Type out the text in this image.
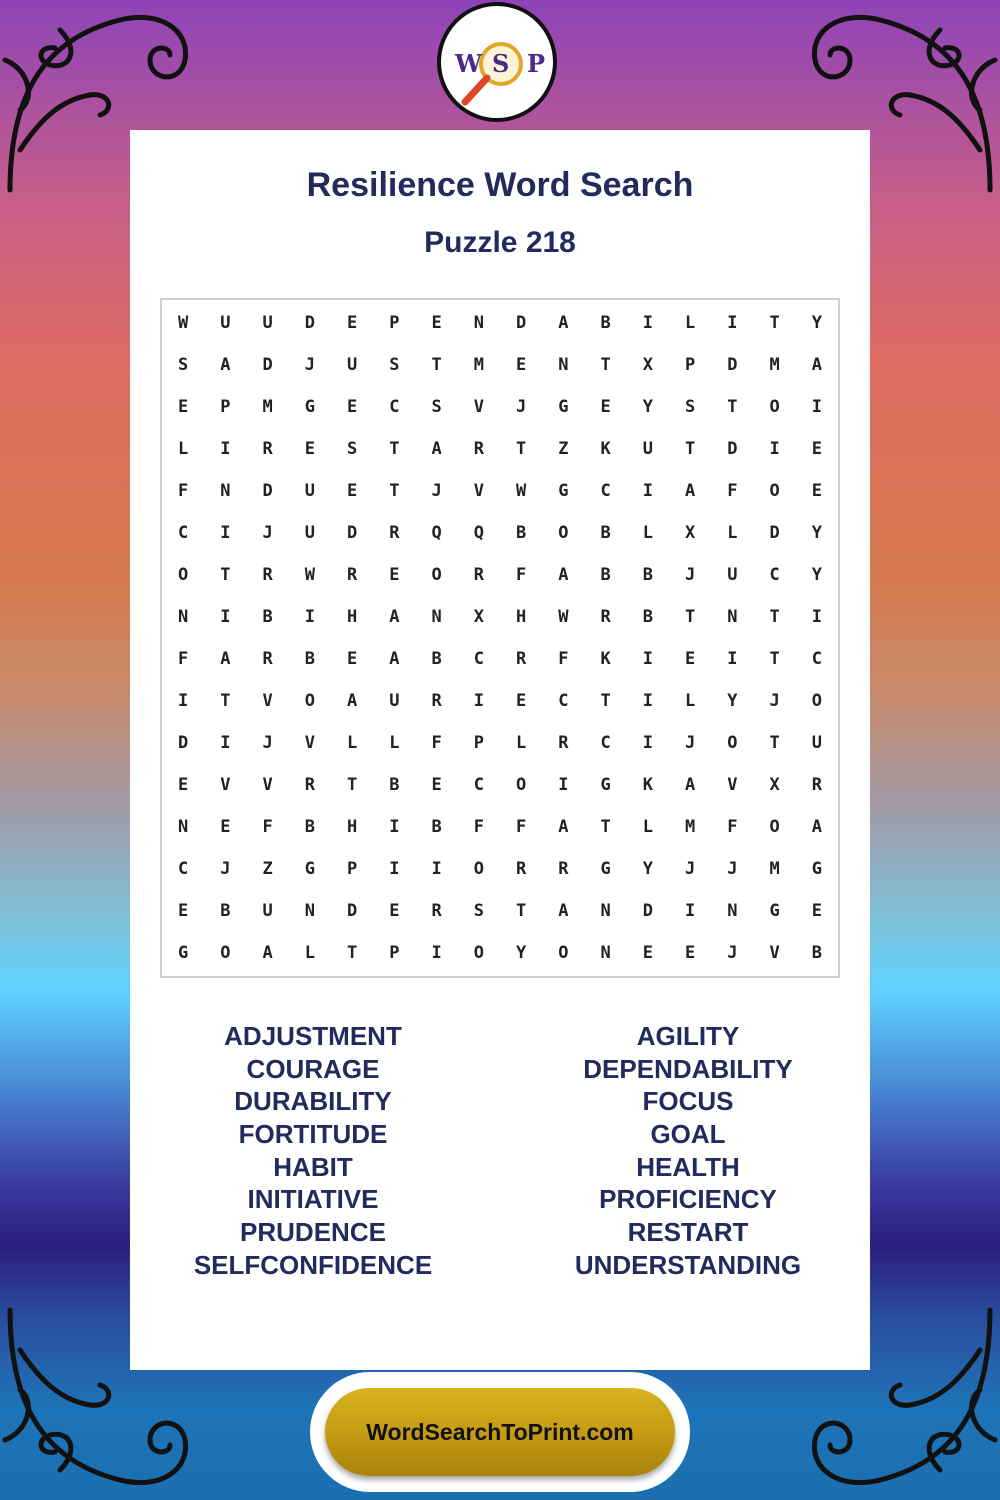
W S P
Resilience Word Search
Puzzle 218
W	U	U	D	E	P	E	N	D	A	B	I	L	I	T	Y
S	A	D	J	U	S	T	M	E	N	T	X	P	D	M	A
E	P	M	G	E	C	S	V	J	G	E	Y	S	T	O	I
L	I	R	E	S	T	A	R	T	Z	K	U	T	D	I	E
F	N	D	U	E	T	J	V	W	G	C	I	A	F	O	E
C	I	J	U	D	R	Q	Q	B	O	B	L	X	L	D	Y
O	T	R	W	R	E	O	R	F	A	B	B	J	U	C	Y
N	I	B	I	H	A	N	X	H	W	R	B	T	N	T	I
F	A	R	B	E	A	B	C	R	F	K	I	E	I	T	C
I	T	V	O	A	U	R	I	E	C	T	I	L	Y	J	O
D	I	J	V	L	L	F	P	L	R	C	I	J	O	T	U
E	V	V	R	T	B	E	C	O	I	G	K	A	V	X	R
N	E	F	B	H	I	B	F	F	A	T	L	M	F	O	A
C	J	Z	G	P	I	I	O	R	R	G	Y	J	J	M	G
E	B	U	N	D	E	R	S	T	A	N	D	I	N	G	E
G	O	A	L	T	P	I	O	Y	O	N	E	E	J	V	B
ADJUSTMENT
COURAGE
DURABILITY
FORTITUDE
HABIT
INITIATIVE
PRUDENCE
SELFCONFIDENCE
AGILITY
DEPENDABILITY
FOCUS
GOAL
HEALTH
PROFICIENCY
RESTART
UNDERSTANDING
WordSearchToPrint.com
